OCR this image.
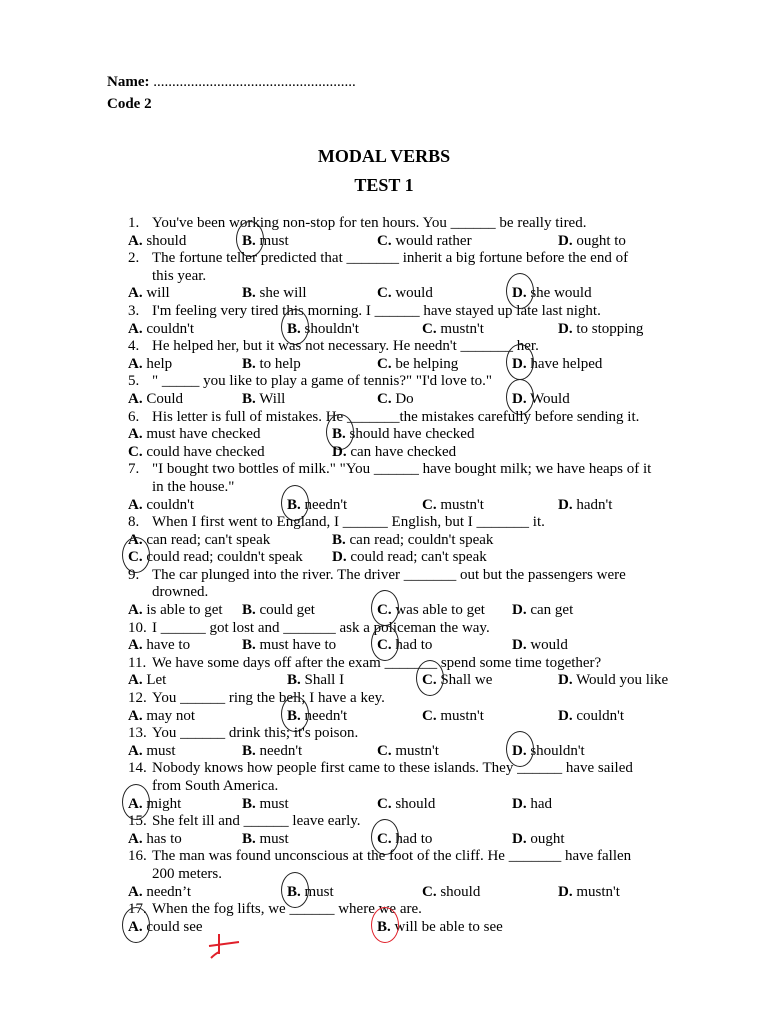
Name: ......................................................
Code 2
MODAL VERBS
TEST 1
1. You've been working non-stop for ten hours. You ______ be really tired.
A. should	B. must	C. would rather	D. ought to
2. The fortune teller predicted that _______ inherit a big fortune before the end of
this year.
A. will	B. she will	C. would	D. she would
3. I'm feeling very tired this morning. I ______ have stayed up late last night.
A. couldn't	B. shouldn't	C. mustn't	D. to stopping
4. He helped her, but it was not necessary. He needn't _______ her.
A. help	B. to help	C. be helping	D. have helped
5. " _____ you like to play a game of tennis?" "I'd love to."
A. Could	B. Will	C. Do	D. Would
6. His letter is full of mistakes. He _______the mistakes carefully before sending it.
A. must have checked	B. should have checked
C. could have checked	D. can have checked
7. "I bought two bottles of milk." "You ______ have bought milk; we have heaps of it
in the house."
A. couldn't	B. needn't	C. mustn't	D. hadn't
8. When I first went to England, I ______ English, but I _______ it.
A. can read; can't speak	B. can read; couldn't speak
C. could read; couldn't speak D. could read; can't speak
9. The car plunged into the river. The driver _______ out but the passengers were
drowned.
A. is able to get B. could get	C. was able to get D. can get
10. I ______ got lost and _______ ask a policeman the way.
A. have to	B. must have to	C. had to	D. would
11. We have some days off after the exam _______ spend some time together?
A. Let	B. Shall I	C. Shall we	D. Would you like
12. You ______ ring the bell; I have a key.
A. may not	B. needn't	C. mustn't	D. couldn't
13. You ______ drink this; it's poison.
A. must	B. needn't	C. mustn't	D. shouldn't
14. Nobody knows how people first came to these islands. They ______ have sailed
from South America.
A. might	B. must	C. should	D. had
15. She felt ill and ______ leave early.
A. has to	B. must	C. had to	D. ought
16. The man was found unconscious at the foot of the cliff. He _______ have fallen
200 meters.
A. needn’t	B. must	C. should	D. mustn't
17. When the fog lifts, we ______ where we are.
A. could see	B. will be able to see
